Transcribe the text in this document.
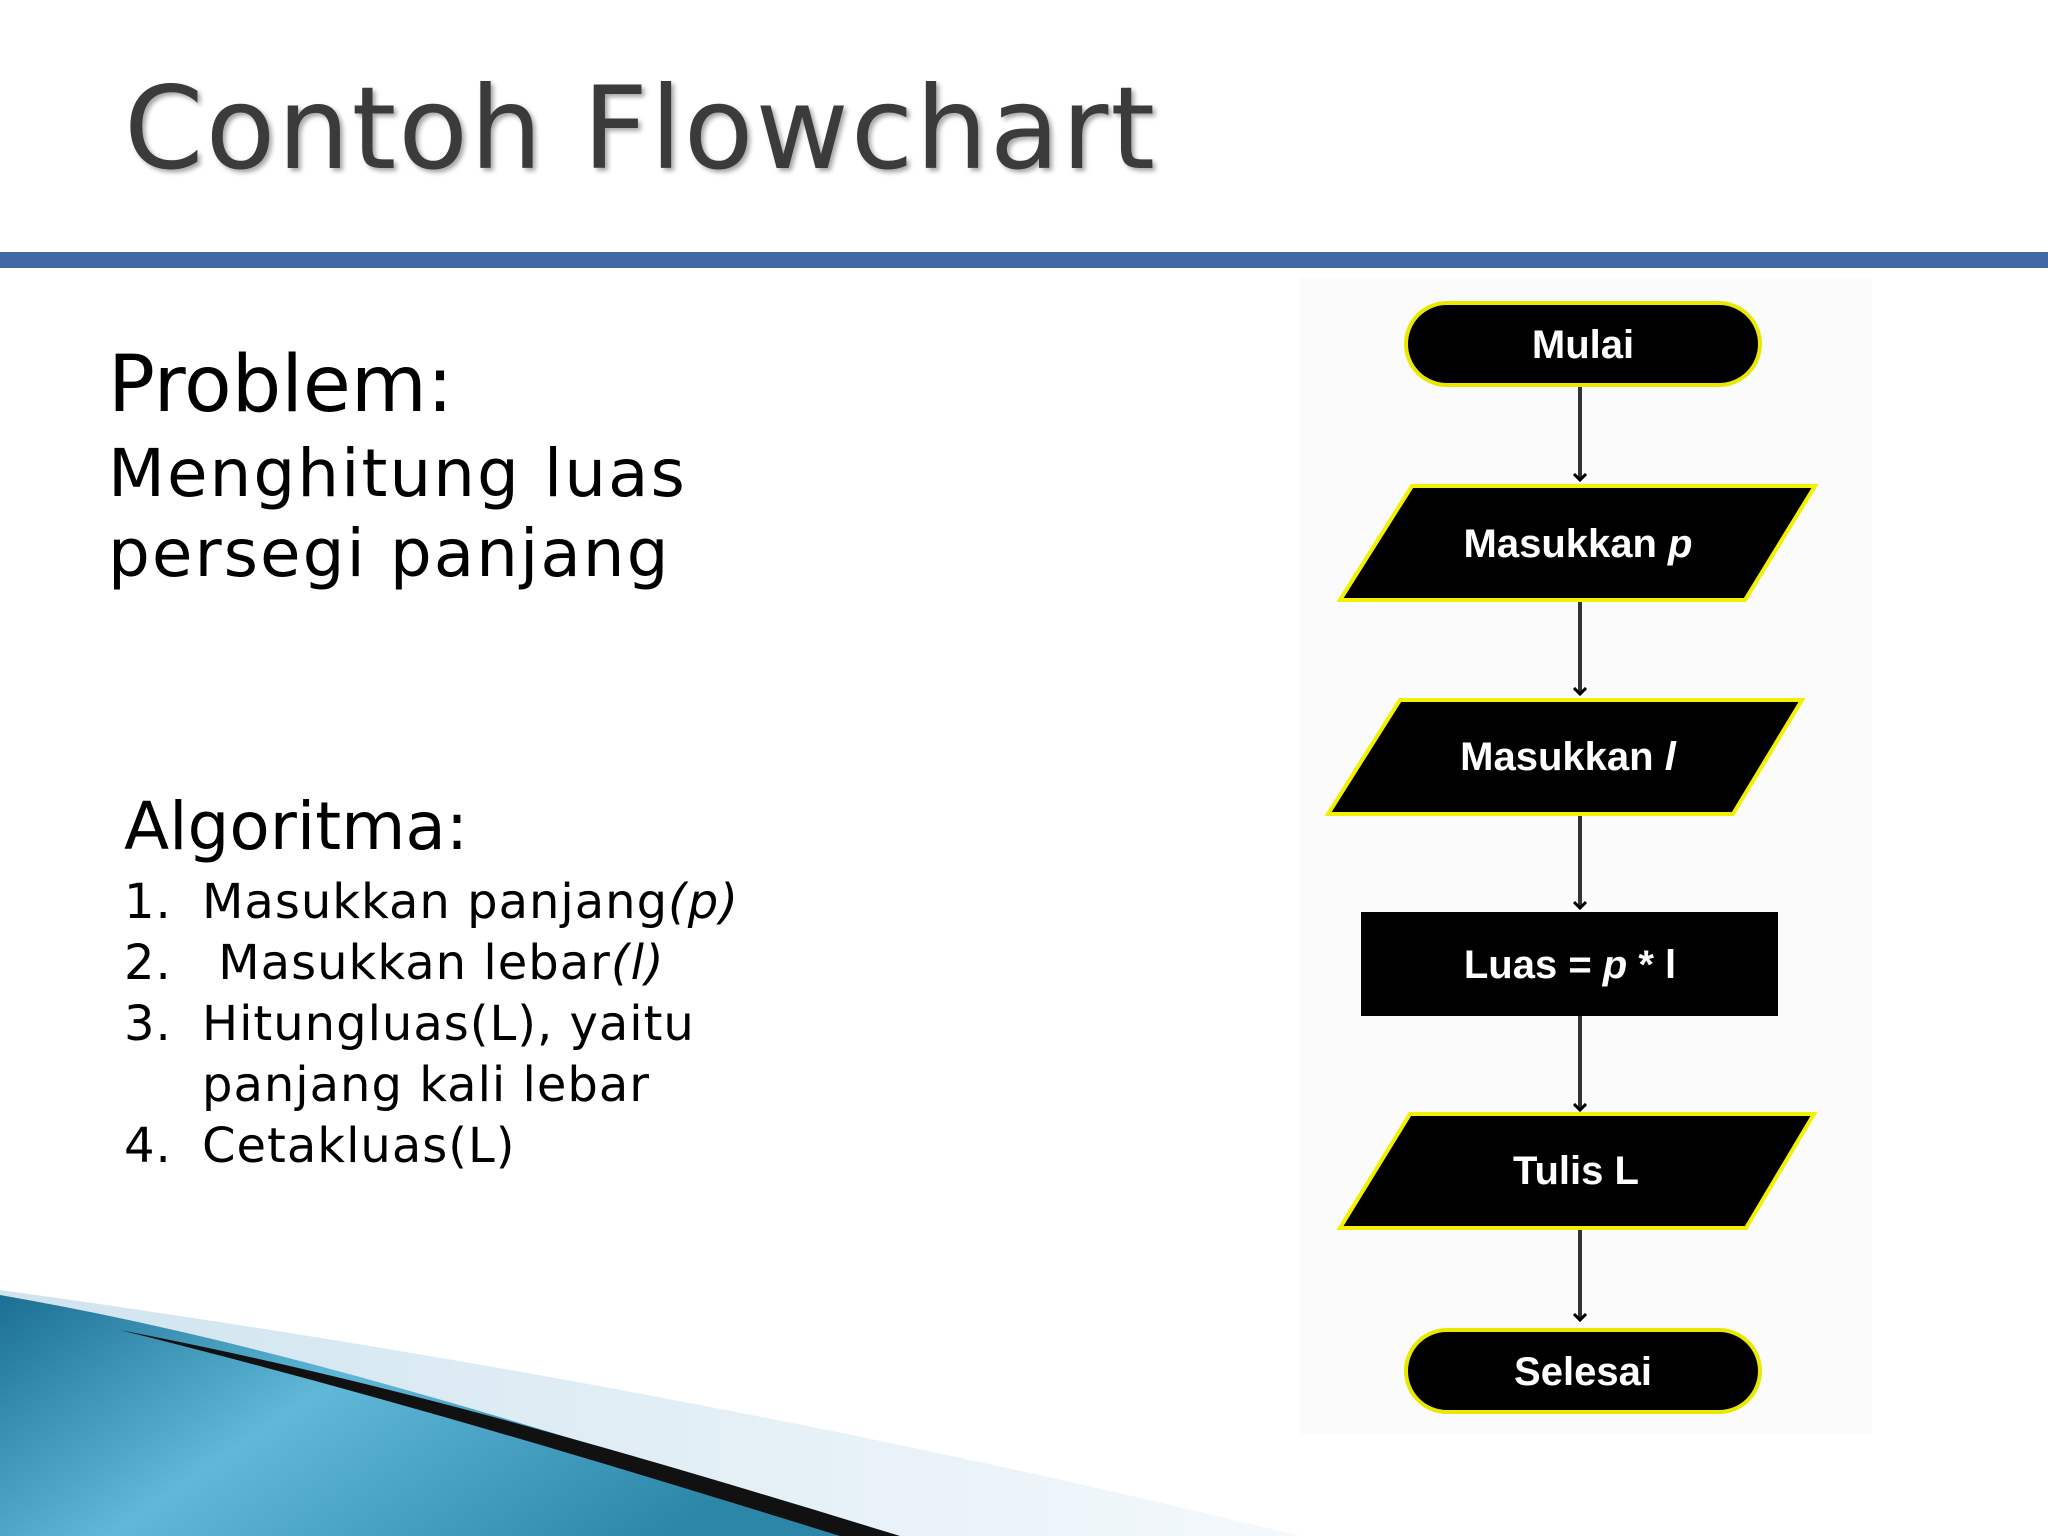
Contoh Flowchart
Problem:

Menghitung luas persegi panjang

Algoritma:
1. Masukkan panjang(p)
2. Masukkan lebar(l)
3. Hitungluas(L), yaitu panjang kali lebar
4. Cetakluas(L)
Mulai
Masukkan p
Masukkan l
Luas = p * l
Tulis L
Selesai
